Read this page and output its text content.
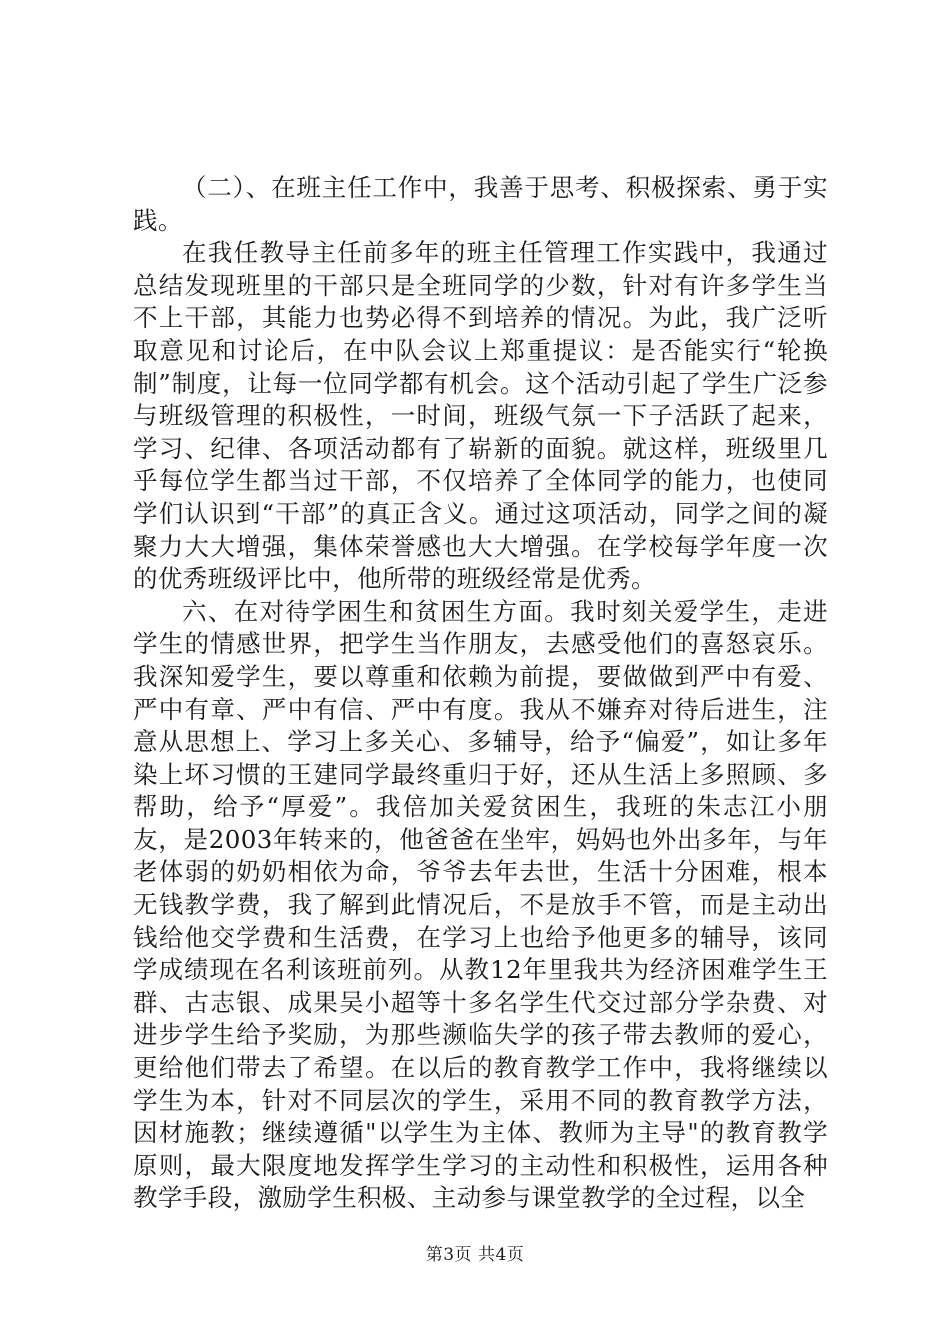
（二）、在班主任工作中，我善于思考、积极探索、勇于实践。

在我任教导主任前多年的班主任管理工作实践中，我通过总结发现班里的干部只是全班同学的少数，针对有许多学生当不上干部，其能力也势必得不到培养的情况。为此，我广泛听取意见和讨论后，在中队会议上郑重提议：是否能实行“轮换制”制度，让每一位同学都有机会。这个活动引起了学生广泛参与班级管理的积极性，一时间，班级气氛一下子活跃了起来，学习、纪律、各项活动都有了崭新的面貌。就这样，班级里几乎每位学生都当过干部，不仅培养了全体同学的能力，也使同学们认识到“干部”的真正含义。通过这项活动，同学之间的凝聚力大大增强，集体荣誉感也大大增强。在学校每学年度一次的优秀班级评比中，他所带的班级经常是优秀。

六、在对待学困生和贫困生方面。我时刻关爱学生，走进学生的情感世界，把学生当作朋友，去感受他们的喜怒哀乐。我深知爱学生，要以尊重和依赖为前提，要做做到严中有爱、严中有章、严中有信、严中有度。我从不嫌弃对待后进生，注意从思想上、学习上多关心、多辅导，给予“偏爱”，如让多年染上坏习惯的王建同学最终重归于好，还从生活上多照顾、多帮助，给予“厚爱”。我倍加关爱贫困生，我班的朱志江小朋友，是2003年转来的，他爸爸在坐牢，妈妈也外出多年，与年老体弱的奶奶相依为命，爷爷去年去世，生活十分困难，根本无钱教学费，我了解到此情况后，不是放手不管，而是主动出钱给他交学费和生活费，在学习上也给予他更多的辅导，该同学成绩现在名利该班前列。从教12年里我共为经济困难学生王群、古志银、成果吴小超等十多名学生代交过部分学杂费、对进步学生给予奖励，为那些濒临失学的孩子带去教师的爱心，更给他们带去了希望。在以后的教育教学工作中，我将继续以学生为本，针对不同层次的学生，采用不同的教育教学方法，因材施教；继续遵循"以学生为主体、教师为主导"的教育教学原则，最大限度地发挥学生学习的主动性和积极性，运用各种教学手段，激励学生积极、主动参与课堂教学的全过程，以全

第3页 共4页
